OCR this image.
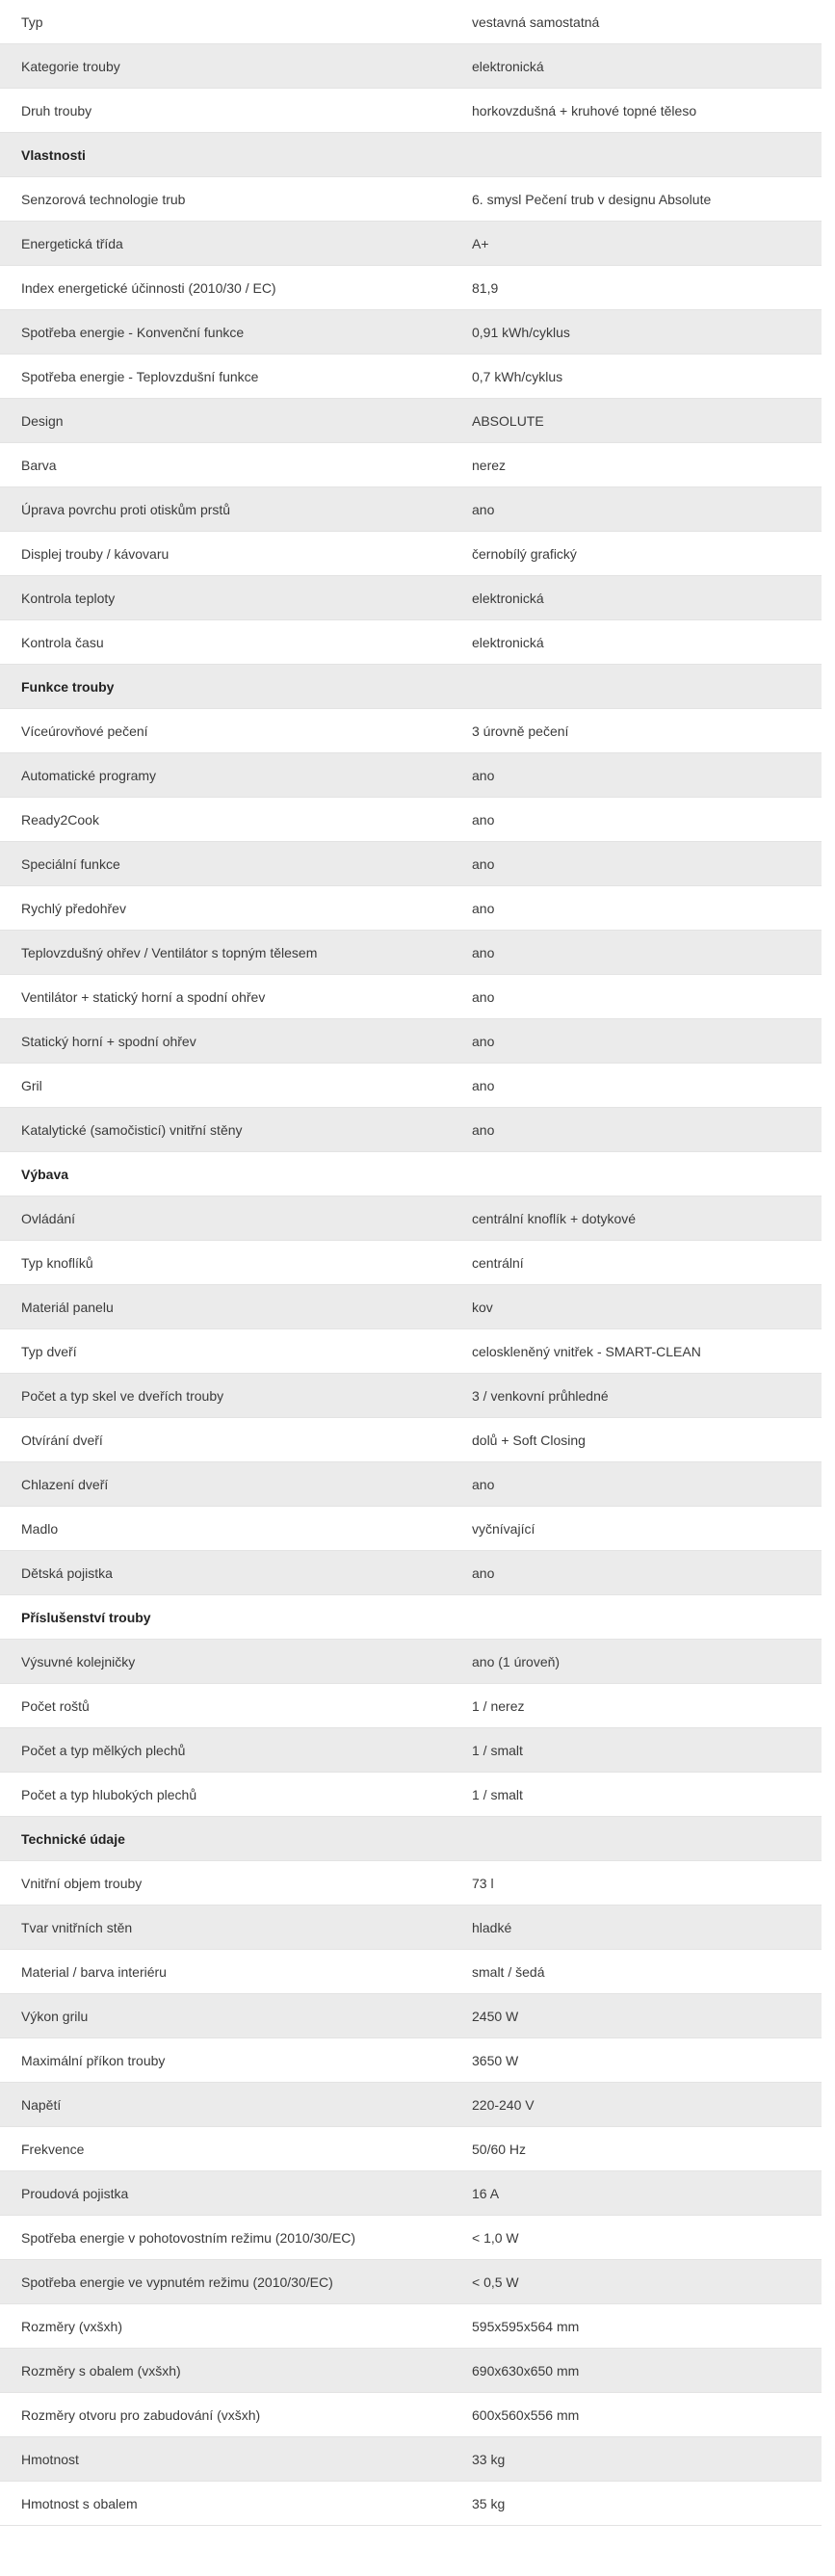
Typ	vestavná samostatná
Kategorie trouby	elektronická
Druh trouby	horkovzdušná + kruhové topné těleso
Vlastnosti
Senzorová technologie trub	6. smysl Pečení trub v designu Absolute
Energetická třída	A+
Index energetické účinnosti (2010/30 / EC)	81,9
Spotřeba energie - Konvenční funkce	0,91 kWh/cyklus
Spotřeba energie - Teplovzdušní funkce	0,7 kWh/cyklus
Design	ABSOLUTE
Barva	nerez
Úprava povrchu proti otiskům prstů	ano
Displej trouby / kávovaru	černobílý grafický
Kontrola teploty	elektronická
Kontrola času	elektronická
Funkce trouby
Víceúrovňové pečení	3 úrovně pečení
Automatické programy	ano
Ready2Cook	ano
Speciální funkce	ano
Rychlý předohřev	ano
Teplovzdušný ohřev / Ventilátor s topným tělesem	ano
Ventilátor + statický horní a spodní ohřev	ano
Statický horní + spodní ohřev	ano
Gril	ano
Katalytické (samočisticí) vnitřní stěny	ano
Výbava
Ovládání	centrální knoflík + dotykové
Typ knoflíků	centrální
Materiál panelu	kov
Typ dveří	celoskleněný vnitřek - SMART-CLEAN
Počet a typ skel ve dveřích trouby	3 / venkovní průhledné
Otvírání dveří	dolů + Soft Closing
Chlazení dveří	ano
Madlo	vyčnívající
Dětská pojistka	ano
Příslušenství trouby
Výsuvné kolejničky	ano (1 úroveň)
Počet roštů	1 / nerez
Počet a typ mělkých plechů	1 / smalt
Počet a typ hlubokých plechů	1 / smalt
Technické údaje
Vnitřní objem trouby	73 l
Tvar vnitřních stěn	hladké
Material / barva interiéru	smalt / šedá
Výkon grilu	2450 W
Maximální příkon trouby	3650 W
Napětí	220-240 V
Frekvence	50/60 Hz
Proudová pojistka	16 A
Spotřeba energie v pohotovostním režimu (2010/30/EC)	< 1,0 W
Spotřeba energie ve vypnutém režimu (2010/30/EC)	< 0,5 W
Rozměry (vxšxh)	595x595x564 mm
Rozměry s obalem (vxšxh)	690x630x650 mm
Rozměry otvoru pro zabudování (vxšxh)	600x560x556 mm
Hmotnost	33 kg
Hmotnost s obalem	35 kg
